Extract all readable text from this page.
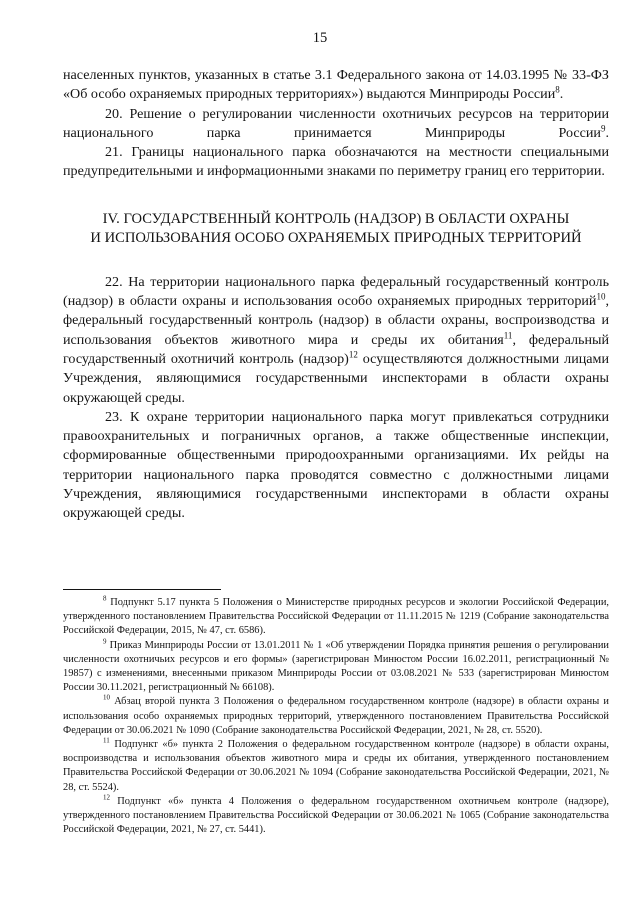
15

населенных пунктов, указанных в статье 3.1 Федерального закона от 14.03.1995 № 33-ФЗ «Об особо охраняемых природных территориях») выдаются Минприроды России$^8$.

20. Решение о регулировании численности охотничьих ресурсов на территории национального парка принимается Минприроды России$^9$.

21. Границы национального парка обозначаются на местности специальными предупредительными и информационными знаками по периметру границ его территории.

IV. ГОСУДАРСТВЕННЫЙ КОНТРОЛЬ (НАДЗОР) В ОБЛАСТИ ОХРАНЫ
И ИСПОЛЬЗОВАНИЯ ОСОБО ОХРАНЯЕМЫХ ПРИРОДНЫХ ТЕРРИТОРИЙ

22. На территории национального парка федеральный государственный контроль (надзор) в области охраны и использования особо охраняемых природных территорий$^{10}$, федеральный государственный контроль (надзор) в области охраны, воспроизводства и использования объектов животного мира и среды их обитания$^{11}$, федеральный государственный охотничий контроль (надзор)$^{12}$ осуществляются должностными лицами Учреждения, являющимися государственными инспекторами в области охраны окружающей среды.

23. К охране территории национального парка могут привлекаться сотрудники правоохранительных и пограничных органов, а также общественные инспекции, сформированные общественными природоохранными организациями. Их рейды на территории национального парка проводятся совместно с должностными лицами Учреждения, являющимися государственными инспекторами в области охраны окружающей среды.

$^8$ Подпункт 5.17 пункта 5 Положения о Министерстве природных ресурсов и экологии Российской Федерации, утвержденного постановлением Правительства Российской Федерации от 11.11.2015 № 1219 (Собрание законодательства Российской Федерации, 2015, № 47, ст. 6586).

$^9$ Приказ Минприроды России от 13.01.2011 № 1 «Об утверждении Порядка принятия решения о регулировании численности охотничьих ресурсов и его формы» (зарегистрирован Минюстом России 16.02.2011, регистрационный № 19857) с изменениями, внесенными приказом Минприроды России от 03.08.2021 № 533 (зарегистрирован Минюстом России 30.11.2021, регистрационный № 66108).

$^{10}$ Абзац второй пункта 3 Положения о федеральном государственном контроле (надзоре) в области охраны и использования особо охраняемых природных территорий, утвержденного постановлением Правительства Российской Федерации от 30.06.2021 № 1090 (Собрание законодательства Российской Федерации, 2021, № 28, ст. 5520).

$^{11}$ Подпункт «б» пункта 2 Положения о федеральном государственном контроле (надзоре) в области охраны, воспроизводства и использования объектов животного мира и среды их обитания, утвержденного постановлением Правительства Российской Федерации от 30.06.2021 № 1094 (Собрание законодательства Российской Федерации, 2021, № 28, ст. 5524).

$^{12}$ Подпункт «б» пункта 4 Положения о федеральном государственном охотничьем контроле (надзоре), утвержденного постановлением Правительства Российской Федерации от 30.06.2021 № 1065 (Собрание законодательства Российской Федерации, 2021, № 27, ст. 5441).
